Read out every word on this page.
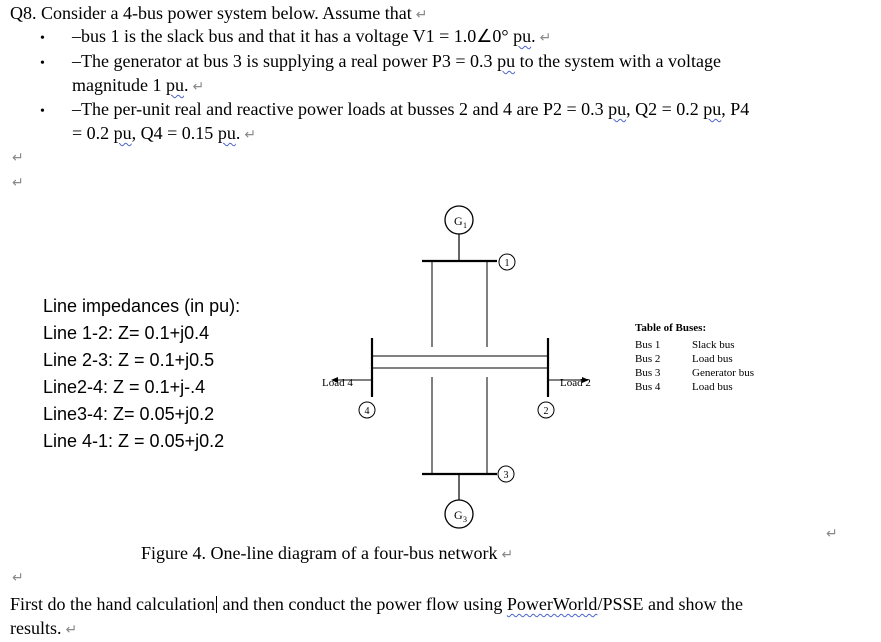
Q8. Consider a 4-bus power system below. Assume that ↵
• –bus 1 is the slack bus and that it has a voltage V1 = 1.0∠0° pu. ↵
• –The generator at bus 3 is supplying a real power P3 = 0.3 pu to the system with a voltage
magnitude 1 pu. ↵
• –The per-unit real and reactive power loads at busses 2 and 4 are P2 = 0.3 pu, Q2 = 0.2 pu, P4
= 0.2 pu, Q4 = 0.15 pu. ↵
↵
↵
Line impedances (in pu):
Line 1-2: Z= 0.1+j0.4
Line 2-3: Z = 0.1+j0.5
Line2-4: Z = 0.1+j-.4
Line3-4: Z= 0.05+j0.2
Line 4-1: Z = 0.05+j0.2
G 1
1
4	2
3
G 3
Load 4	Load 2
Table of Buses:
Bus 1	Slack bus
Bus 2	Load bus
Bus 3	Generator bus
Bus 4	Load bus
↵
Figure 4. One-line diagram of a four-bus network ↵
↵
First do the hand calculation and then conduct the power flow using PowerWorld/PSSE and show the
results. ↵
